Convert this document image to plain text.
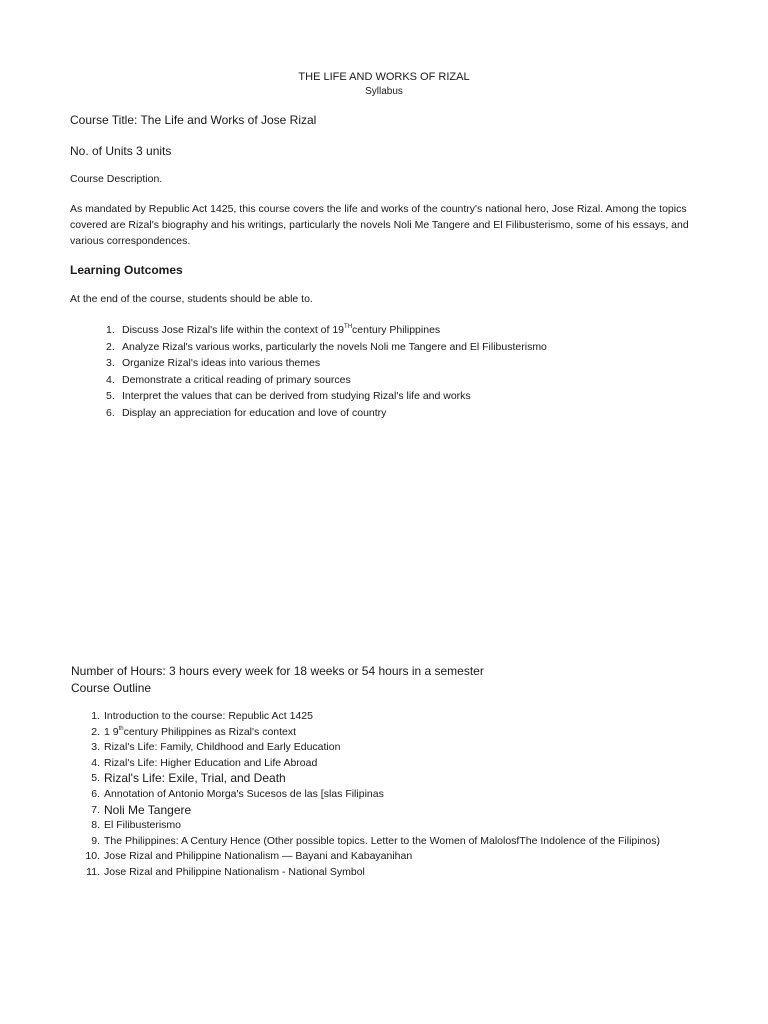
THE LIFE AND WORKS OF RIZAL

Syllabus

Course Title: The Life and Works of Jose Rizal

No. of Units 3 units

Course Description.

As mandated by Republic Act 1425, this course covers the life and works of the country's national hero, Jose Rizal. Among the topics covered are Rizal's biography and his writings, particularly the novels Noli Me Tangere and El Filibusterismo, some of his essays, and various correspondences.

Learning Outcomes

At the end of the course, students should be able to.

1. Discuss Jose Rizal's life within the context of 19THcentury Philippines
2. Analyze Rizal's various works, particularly the novels Noli me Tangere and El Filibusterismo
3. Organize Rizal's ideas into various themes
4. Demonstrate a critical reading of primary sources
5. Interpret the values that can be derived from studying Rizal's life and works
6. Display an appreciation for education and love of country

Number of Hours: 3 hours every week for 18 weeks or 54 hours in a semester

Course Outline

1. Introduction to the course: Republic Act 1425
2. 1 9thcentury Philippines as Rizal's context
3. Rizal's Life: Family, Childhood and Early Education
4. Rizal's Life: Higher Education and Life Abroad
5. Rizal's Life: Exile, Trial, and Death
6. Annotation of Antonio Morga's Sucesos de las [slas Filipinas
7. Noli Me Tangere
8. El Filibusterismo
9. The Philippines: A Century Hence (Other possible topics. Letter to the Women of MalolosfThe Indolence of the Filipinos)
10. Jose Rizal and Philippine Nationalism — Bayani and Kabayanihan
11. Jose Rizal and Philippine Nationalism - National Symbol
